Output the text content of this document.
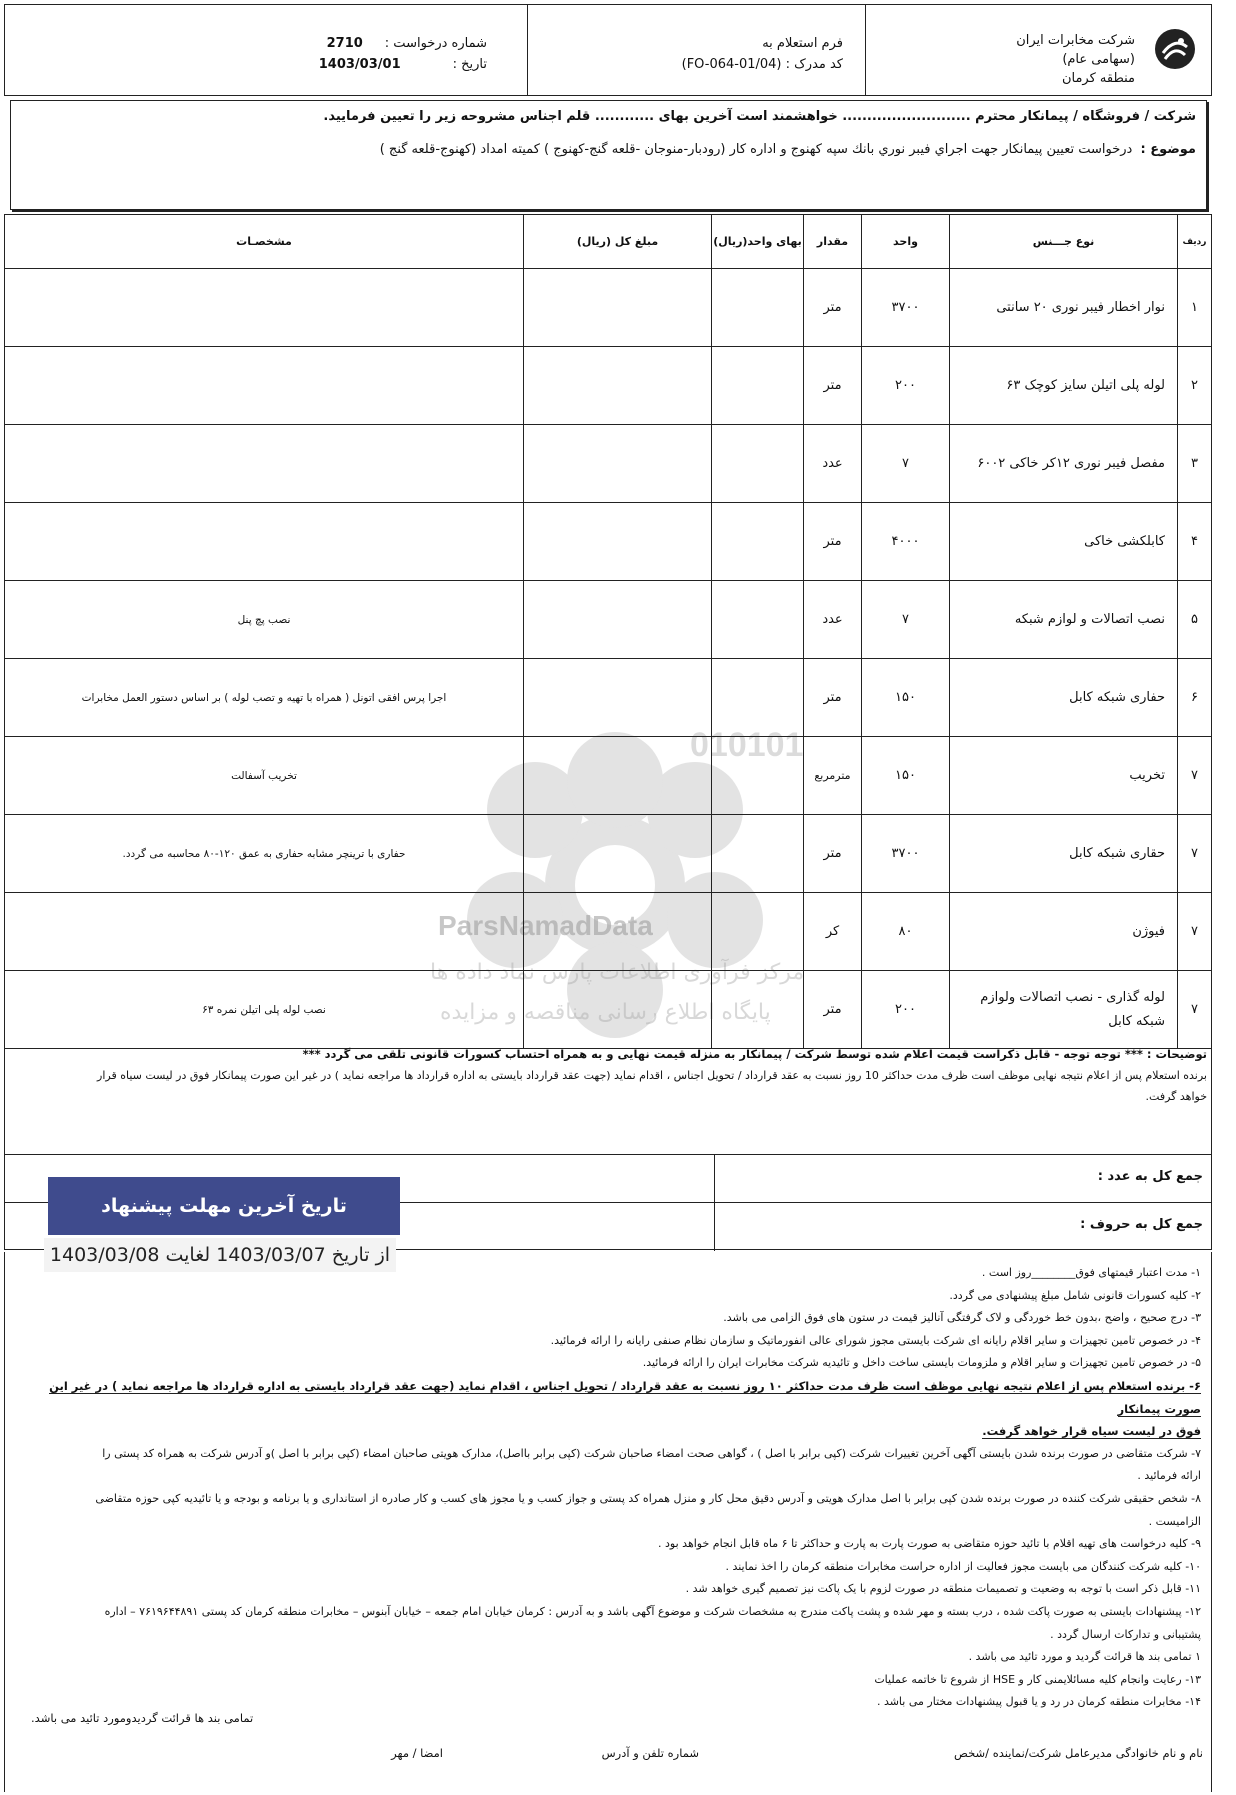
شرکت مخابرات ایران
(سهامی عام)
منطقه کرمان
فرم استعلام به
کد مدرک : (FO-064-01/04)
شماره درخواست :
2710
تاریخ :
1403/03/01
شرکت / فروشگاه / پیمانکار محترم .......................... خواهشمند است آخرین بهای ............ قلم اجناس مشروحه زیر را تعیین فرمایید.
موضوع : درخواست تعيين پيمانكار جهت اجراي فيبر نوري بانك سپه كهنوج و اداره كار (رودبار-منوجان -قلعه گنج-كهنوج ) كميته امداد (كهنوج-قلعه گنج )
010101
ParsNamadData
مرکز فرآوری اطلاعات پارس نماد داده ها
پایگاه اطلاع رسانی مناقصه و مزایده
ردیف	نوع جـــنس	واحد	مقدار	بهای واحد(ریال)	مبلغ کل (ریال)	مشخصـات
۱	نوار اخطار فیبر نوری ۲۰ سانتی	۳۷۰۰	متر			
۲	لوله پلی اتیلن سایز کوچک ۶۳	۲۰۰	متر			
۳	مفصل فیبر نوری ۱۲کر خاکی ۶۰۰۲	۷	عدد			
۴	کابلکشی خاکی	۴۰۰۰	متر			
۵	نصب اتصالات و لوازم شبکه	۷	عدد			نصب پچ پنل
۶	حفاری شبکه کابل	۱۵۰	متر			اجرا پرس افقی اتونل ( همراه با تهیه و تصب لوله ) بر اساس دستور العمل مخابرات
۷	تخریب	۱۵۰	مترمربع			تخریب آسفالت
۷	حقاری شبکه کابل	۳۷۰۰	متر			حفاری با ترینچر مشابه حفاری به عمق ۱۲۰-۸۰ محاسبه می گردد.
۷	فیوژن	۸۰	کر			
۷	لوله گذاری - نصب اتصالات ولوازم شبکه کابل	۲۰۰	متر			نصب لوله پلی اتیلن نمره ۶۳
توضیحات : *** توجه توجه - قابل ذکراست قیمت اعلام شده توسط شرکت / پیمانکار به منزله قیمت نهایی و به همراه احتساب کسورات قانونی تلقی می گردد ***
برنده استعلام پس از اعلام نتیجه نهایی موظف است ظرف مدت حداکثر 10 روز نسبت به عقد قرارداد / تحویل اجناس ، اقدام نماید (جهت عقد قرارداد بایستی به اداره قرارداد ها مراجعه نماید ) در غیر این صورت پیمانکار فوق در لیست سیاه قرار
خواهد گرفت.
جمع کل به عدد :
جمع کل به حروف :
تاریخ آخرین مهلت پیشنهاد
از تاریخ 1403/03/07 لغایت 1403/03/08

۱- مدت اعتبار قیمتهای فوق________روز است .

۲- کلیه کسورات قانونی شامل مبلغ پیشنهادی می گردد.

۳- درج صحیح ، واضح ،بدون خط خوردگی و لاک گرفتگی آنالیز قیمت در ستون های فوق الزامی می باشد.

۴- در خصوص تامین تجهیزات و سایر اقلام رایانه ای شرکت بایستی مجوز شورای عالی انفورماتیک و سازمان نظام صنفی رایانه را ارائه فرمائید.

۵- در خصوص تامین تجهیزات و سایر اقلام و ملزومات بایستی ساخت داخل و تائیدیه شرکت مخابرات ایران را ارائه فرمائید.

۶- برنده استعلام پس از اعلام نتیجه نهایی موظف است ظرف مدت حداکثر ۱۰ روز نسبت به عقد قرارداد / تحویل اجناس ، اقدام نماید (جهت عقد قرارداد بایستی به اداره قرارداد ها مراجعه نماید ) در غیر این صورت پیمانکار

فوق در لیست سیاه قرار خواهد گرفت.

۷- شرکت متقاضی در صورت برنده شدن بایستی آگهی آخرین تغییرات شرکت (کپی برابر با اصل ) ، گواهی صحت امضاء صاحبان شرکت (کپی برابر بااصل)، مدارک هویتی صاحبان امضاء (کپی برابر با اصل )و آدرس شرکت به همراه کد پستی را

ارائه فرمائید .

۸- شخص حقیقی شرکت کننده در صورت برنده شدن کپی برابر با اصل مدارک هویتی و آدرس دقیق محل کار و منزل همراه کد پستی و جواز کسب و یا مجوز های کسب و کار صادره از استانداری و یا برنامه و بودجه و یا تائیدیه کپی حوزه متقاضی

الزامیست .

۹- کلیه درخواست های تهیه اقلام با تائید حوزه متقاضی به صورت پارت به پارت و حداکثر تا ۶ ماه قابل انجام خواهد بود .

۱۰- کلیه شرکت کنندگان می بایست مجوز فعالیت از اداره حراست مخابرات منطقه کرمان را اخذ نمایند .

۱۱- قابل ذکر است با توجه به وضعیت و تصمیمات منطقه در صورت لزوم با یک پاکت نیز تصمیم گیری خواهد شد .

۱۲- پیشنهادات بایستی به صورت پاکت شده ، درب بسته و مهر شده و پشت پاکت مندرج به مشخصات شرکت و موضوع آگهی باشد و به آدرس : کرمان خیابان امام جمعه – خیابان آبنوس – مخابرات منطقه کرمان کد پستی ۷۶۱۹۶۴۴۸۹۱ – اداره

پشتیبانی و تدارکات ارسال گردد .

۱ تمامی بند ها قرائت گردید و مورد تائید می باشد .

۱۳- رعایت وانجام کلیه مسائلایمنی کار و HSE از شروع تا خاتمه عملیات

۱۴- مخابرات منطقه کرمان در رد و یا قبول پیشنهادات مختار می باشد .

تمامی بند ها قرائت گردیدومورد تائید می باشد.
نام و نام خانوادگی مدیرعامل شرکت/نماینده /شخص
شماره تلفن و آدرس
امضا / مهر
